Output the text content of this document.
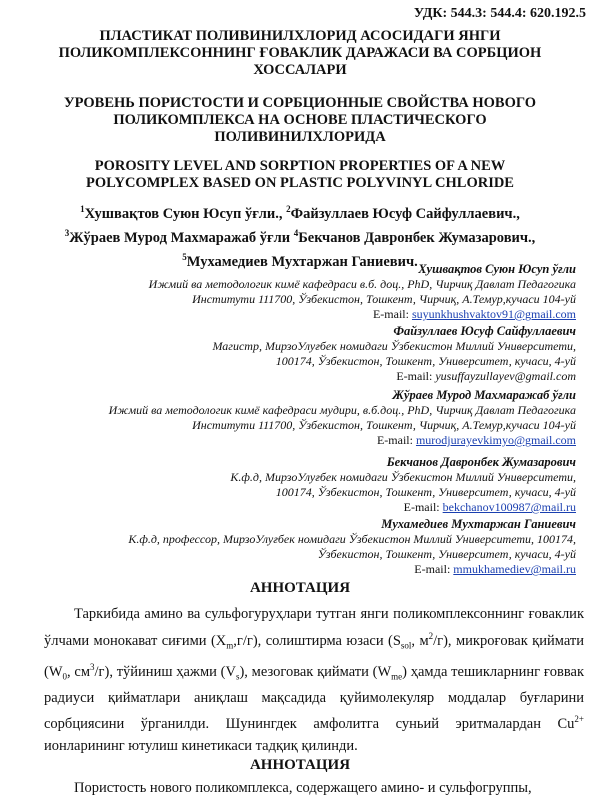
УДК: 544.3: 544.4: 620.192.5
ПЛАСТИКАТ ПОЛИВИНИЛХЛОРИД АСОСИДАГИ ЯНГИ
ПОЛИКОМПЛЕКСОННИНГ ҒОВАКЛИК ДАРАЖАСИ ВА СОРБЦИОН
ХОССАЛАРИ
УРОВЕНЬ ПОРИСТОСТИ И СОРБЦИОННЫЕ СВОЙСТВА НОВОГО
ПОЛИКОМПЛЕКСА НА ОСНОВЕ ПЛАСТИЧЕСКОГО
ПОЛИВИНИЛХЛОРИДА
POROSITY LEVEL AND SORPTION PROPERTIES OF A NEW
POLYCOMPLEX BASED ON PLASTIC POLYVINYL CHLORIDE
$^1$Хушвақтов Суюн Юсуп ўғли., $^2$Файзуллаев Юсуф Сайфуллаевич.,
$^3$Жўраев Мурод Махмаражаб ўғли $^4$Бекчанов Давронбек Жумазарович.,
$^5$Мухамедиев Мухтаржан Ганиевич. Хушвақтов Суюн Юсуп ўғли
Ижмий ва методологик кимё кафедраси в.б. доц., PhD, Чирчиқ Давлат Педагогика
Институти 111700, Ўзбекистон, Тошкент, Чирчиқ, А.Темур,кучаси 104-уй
E-mail: suyunkhushvaktov91@gmail.com
Файзуллаев Юсуф Сайфуллаевич
Магистр, МирзоУлуғбек номидаги Ўзбекистон Миллий Университети,
100174, Ўзбекистон, Тошкент, Университет, кучаси, 4-уй
E-mail: yusuffayzullayev@gmail.com
Жўраев Мурод Махмаражаб ўғли
Ижмий ва методологик кимё кафедраси мудири, в.б.доц., PhD, Чирчиқ Давлат Педагогика
Институти 111700, Ўзбекистон, Тошкент, Чирчиқ, А.Темур,кучаси 104-уй
E-mail: murodjurayevkimyo@gmail.com
Бекчанов Давронбек Жумазарович
К.ф.д, МирзоУлуғбек номидаги Ўзбекистон Миллий Университети,
100174, Ўзбекистон, Тошкент, Университет, кучаси, 4-уй
E-mail: bekchanov100987@mail.ru
Мухамедиев Мухтаржан Ганиевич
К.ф.д, профессор, МирзоУлуғбек номидаги Ўзбекистон Миллий Университети, 100174,
Ўзбекистон, Тошкент, Университет, кучаси, 4-уй
E-mail: mmukhamediev@mail.ru
АННОТАЦИЯ
Таркибида амино ва сульфогуруҳлари тутган янги поликомплексоннинг ғоваклик ўлчами монокават сиғими $(X_m,г/г)$, солиштирма юзаси ($S_{sol}$, $м^2/г$), микроғовак қиймати ($W_0$, $см^3/г$), тўйиниш ҳажми $(V_s)$, мезоговак қиймати $(W_{me})$ ҳамда тешикларнинг ғоввак радиуси қийматлари аниқлаш мақсадида қуйимолекуляр моддалар буғларини сорбциясини ўрганилди. Шунингдек амфолитга суньий эритмалардан $Cu^{2+}$ ионларининг ютулиш кинетикаси тадқиқ қилинди.
АННОТАЦИЯ
Пористость нового поликомплекса, содержащего амино- и сульфогруппы,
